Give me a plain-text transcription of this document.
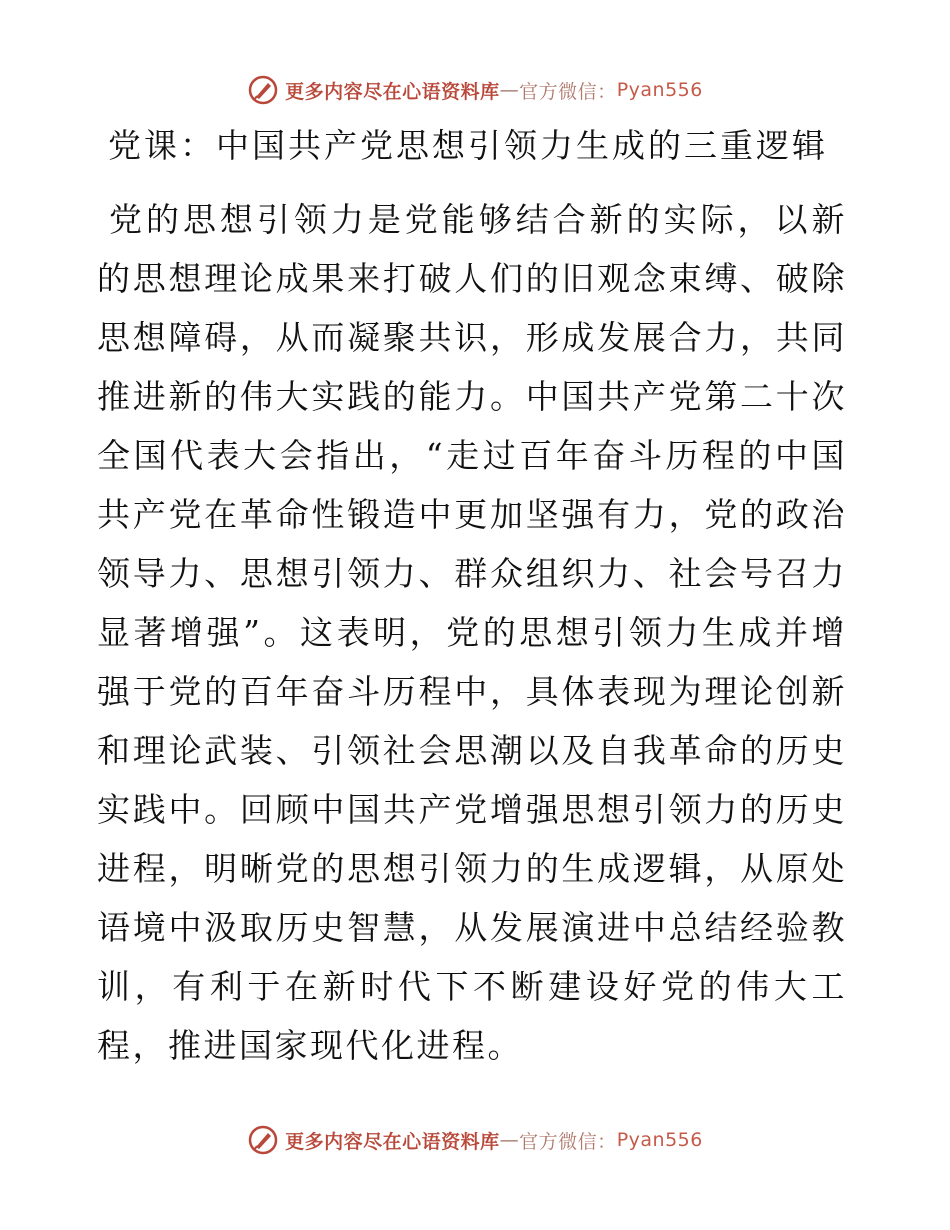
更多内容尽在心语资料库 — 官方微信： Pyan556
党课：中国共产党思想引领力生成的三重逻辑
党的思想引领力是党能够结合新的实际，以新的思想理论成果来打破人们的旧观念束缚、破除思想障碍，从而凝聚共识，形成发展合力，共同推进新的伟大实践的能力。中国共产党第二十次全国代表大会指出，“走过百年奋斗历程的中国共产党在革命性锻造中更加坚强有力，党的政治领导力、思想引领力、群众组织力、社会号召力显著增强”。这表明，党的思想引领力生成并增强于党的百年奋斗历程中，具体表现为理论创新和理论武装、引领社会思潮以及自我革命的历史实践中。回顾中国共产党增强思想引领力的历史进程，明晰党的思想引领力的生成逻辑，从原处语境中汲取历史智慧，从发展演进中总结经验教训，有利于在新时代下不断建设好党的伟大工程，推进国家现代化进程。
更多内容尽在心语资料库 — 官方微信： Pyan556
